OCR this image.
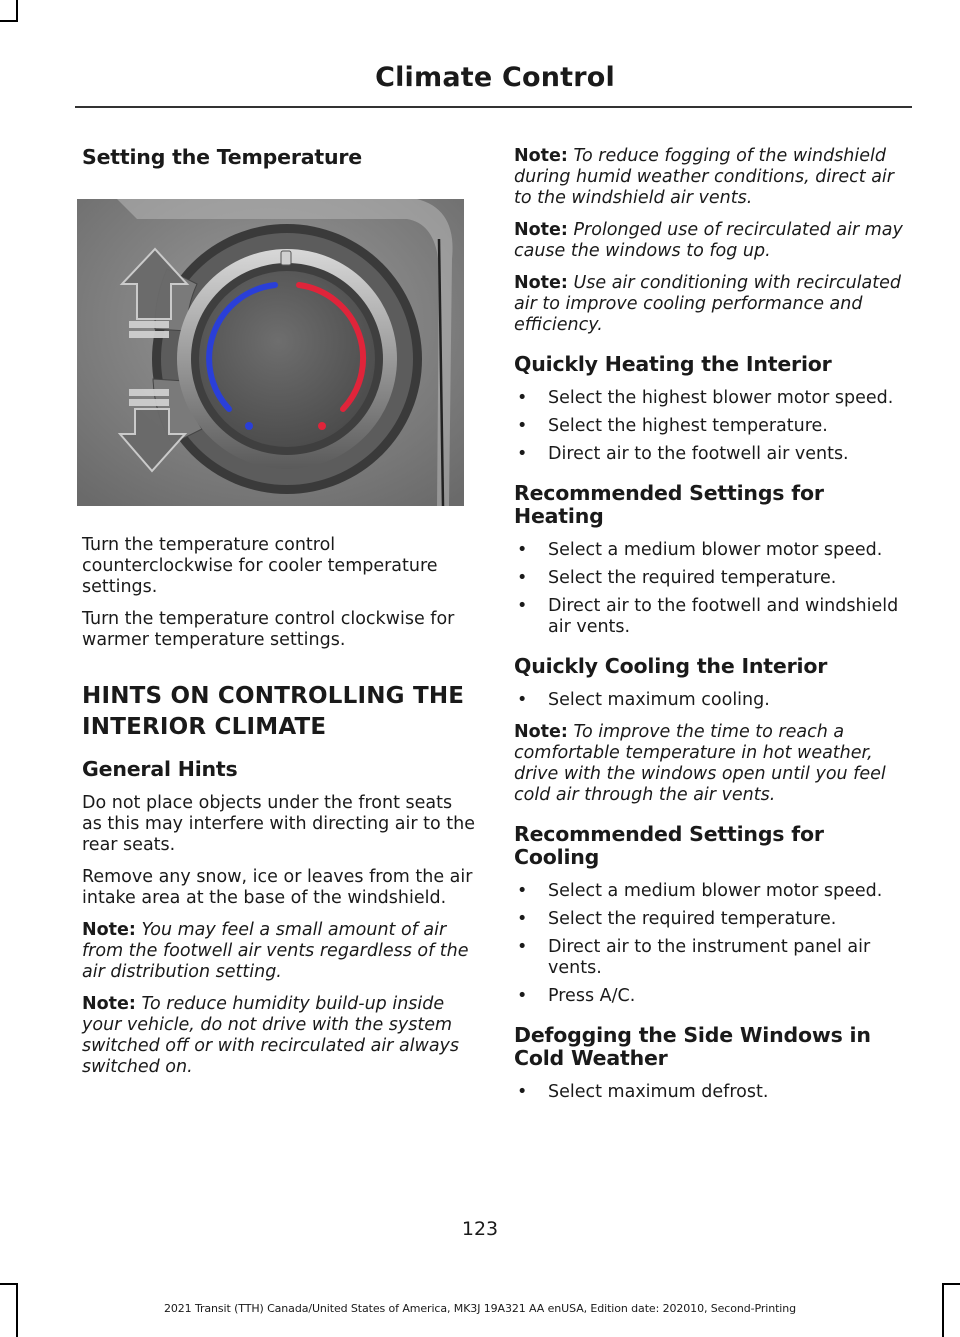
Climate Control
Setting the Temperature

Turn the temperature control counterclockwise for cooler temperature settings.

Turn the temperature control clockwise for warmer temperature settings.

HINTS ON CONTROLLING THE
INTERIOR CLIMATE
General Hints

Do not place objects under the front seats as this may interfere with directing air to the rear seats.

Remove any snow, ice or leaves from the air intake area at the base of the windshield.

Note: You may feel a small amount of air from the footwell air vents regardless of the air distribution setting.

Note: To reduce humidity build-up inside your vehicle, do not drive with the system switched off or with recirculated air always switched on.

Note: To reduce fogging of the windshield during humid weather conditions, direct air to the windshield air vents.

Note: Prolonged use of recirculated air may cause the windows to fog up.

Note: Use air conditioning with recirculated air to improve cooling performance and efficiency.

Quickly Heating the Interior
• Select the highest blower motor speed.
• Select the highest temperature.
• Direct air to the footwell air vents.
Recommended Settings for
Heating
• Select a medium blower motor speed.
• Select the required temperature.
• Direct air to the footwell and windshield air vents.
Quickly Cooling the Interior
• Select maximum cooling.

Note: To improve the time to reach a comfortable temperature in hot weather, drive with the windows open until you feel cold air through the air vents.

Recommended Settings for
Cooling
• Select a medium blower motor speed.
• Select the required temperature.
• Direct air to the instrument panel air vents.
• Press A/C.
Defogging the Side Windows in
Cold Weather
• Select maximum defrost.
123
2021 Transit (TTH) Canada/United States of America, MK3J 19A321 AA enUSA, Edition date: 202010, Second-Printing
